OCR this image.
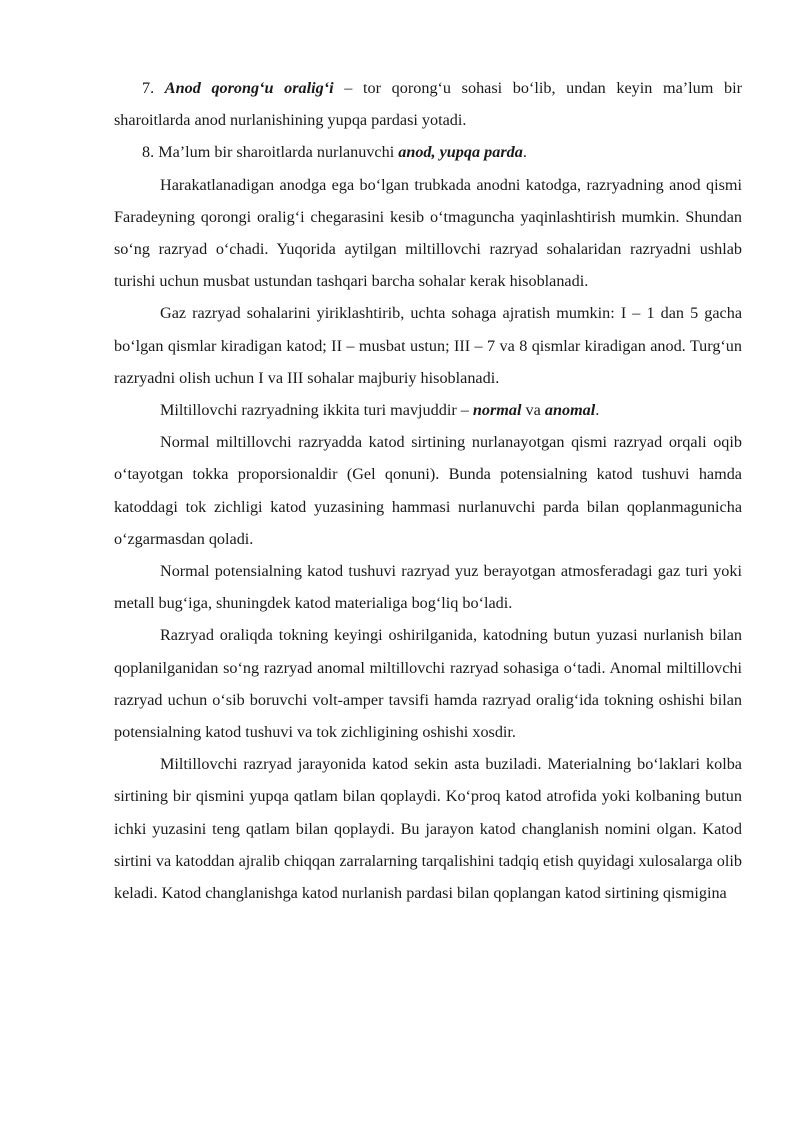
7. Anod qorong‘u oralig‘i – tor qorong‘u sohasi bo‘lib, undan keyin ma’lum bir sharoitlarda anod nurlanishining yupqa pardasi yotadi.

8. Ma’lum bir sharoitlarda nurlanuvchi anod, yupqa parda.

Harakatlanadigan anodga ega bo‘lgan trubkada anodni katodga, razryadning anod qismi Faradeyning qorongi oralig‘i chegarasini kesib o‘tmaguncha yaqinlashtirish mumkin. Shundan so‘ng razryad o‘chadi. Yuqorida aytilgan miltillovchi razryad sohalaridan razryadni ushlab turishi uchun musbat ustundan tashqari barcha sohalar kerak hisoblanadi.

Gaz razryad sohalarini yiriklashtirib, uchta sohaga ajratish mumkin: I – 1 dan 5 gacha bo‘lgan qismlar kiradigan katod; II – musbat ustun; III – 7 va 8 qismlar kiradigan anod. Turg‘un razryadni olish uchun I va III sohalar majburiy hisoblanadi.

Miltillovchi razryadning ikkita turi mavjuddir – normal va anomal.

Normal miltillovchi razryadda katod sirtining nurlanayotgan qismi razryad orqali oqib o‘tayotgan tokka proporsionaldir (Gel qonuni). Bunda potensialning katod tushuvi hamda katoddagi tok zichligi katod yuzasining hammasi nurlanuvchi parda bilan qoplanmagunicha o‘zgarmasdan qoladi.

Normal potensialning katod tushuvi razryad yuz berayotgan atmosferadagi gaz turi yoki metall bug‘iga, shuningdek katod materialiga bog‘liq bo‘ladi.

Razryad oraliqda tokning keyingi oshirilganida, katodning butun yuzasi nurlanish bilan qoplanilganidan so‘ng razryad anomal miltillovchi razryad sohasiga o‘tadi. Anomal miltillovchi razryad uchun o‘sib boruvchi volt-amper tavsifi hamda razryad oralig‘ida tokning oshishi bilan potensialning katod tushuvi va tok zichligining oshishi xosdir.

Miltillovchi razryad jarayonida katod sekin asta buziladi. Materialning bo‘laklari kolba sirtining bir qismini yupqa qatlam bilan qoplaydi. Ko‘proq katod atrofida yoki kolbaning butun ichki yuzasini teng qatlam bilan qoplaydi. Bu jarayon katod changlanish nomini olgan. Katod sirtini va katoddan ajralib chiqqan zarralarning tarqalishini tadqiq etish quyidagi xulosalarga olib keladi. Katod changlanishga katod nurlanish pardasi bilan qoplangan katod sirtining qismigina
